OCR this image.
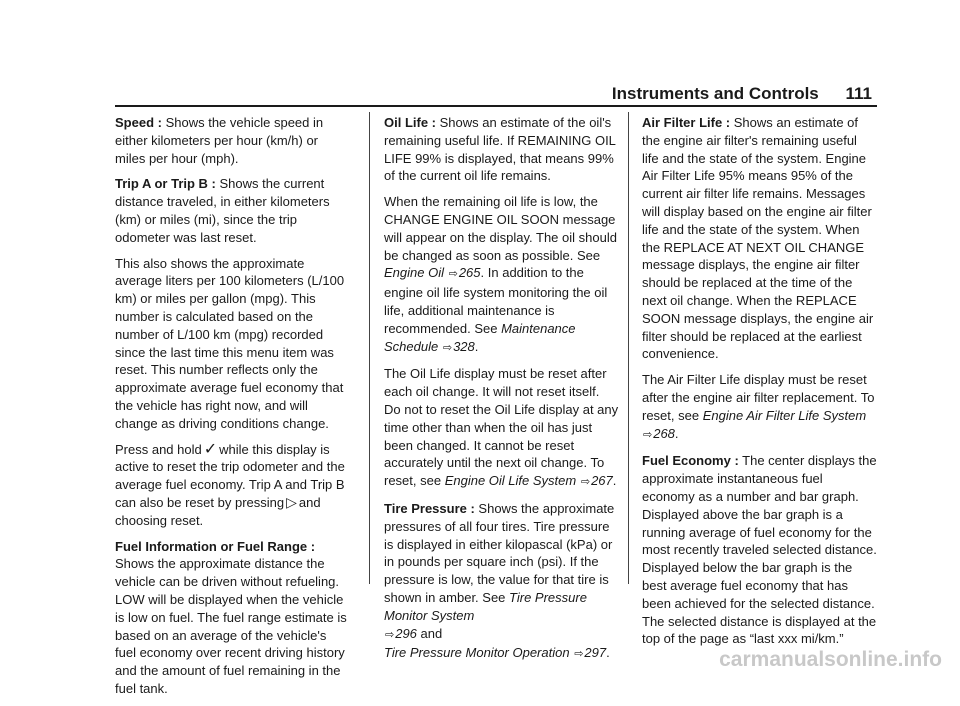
Instruments and Controls 111

Speed : Shows the vehicle speed in either kilometers per hour (km/h) or miles per hour (mph).

Trip A or Trip B : Shows the current distance traveled, in either kilometers (km) or miles (mi), since the trip odometer was last reset.

This also shows the approximate average liters per 100 kilometers (L/100 km) or miles per gallon (mpg). This number is calculated based on the number of L/100 km (mpg) recorded since the last time this menu item was reset. This number reflects only the approximate average fuel economy that the vehicle has right now, and will change as driving conditions change.

Press and hold ✓ while this display is active to reset the trip odometer and the average fuel economy. Trip A and Trip B can also be reset by pressing ▷ and choosing reset.

Fuel Information or Fuel Range : Shows the approximate distance the vehicle can be driven without refueling. LOW will be displayed when the vehicle is low on fuel. The fuel range estimate is based on an average of the vehicle's fuel economy over recent driving history and the amount of fuel remaining in the fuel tank.

Oil Life : Shows an estimate of the oil's remaining useful life. If REMAINING OIL LIFE 99% is displayed, that means 99% of the current oil life remains.

When the remaining oil life is low, the CHANGE ENGINE OIL SOON message will appear on the display. The oil should be changed as soon as possible. See Engine Oil ⇨265. In addition to the engine oil life system monitoring the oil life, additional maintenance is recommended. See Maintenance Schedule ⇨328.

The Oil Life display must be reset after each oil change. It will not reset itself. Do not to reset the Oil Life display at any time other than when the oil has just been changed. It cannot be reset accurately until the next oil change. To reset, see Engine Oil Life System ⇨267.

Tire Pressure : Shows the approximate pressures of all four tires. Tire pressure is displayed in either kilopascal (kPa) or in pounds per square inch (psi). If the pressure is low, the value for that tire is shown in amber. See Tire Pressure Monitor System
⇨296 and
Tire Pressure Monitor Operation ⇨297.

Air Filter Life : Shows an estimate of the engine air filter's remaining useful life and the state of the system. Engine Air Filter Life 95% means 95% of the current air filter life remains. Messages will display based on the engine air filter life and the state of the system. When the REPLACE AT NEXT OIL CHANGE message displays, the engine air filter should be replaced at the time of the next oil change. When the REPLACE SOON message displays, the engine air filter should be replaced at the earliest convenience.

The Air Filter Life display must be reset after the engine air filter replacement. To reset, see Engine Air Filter Life System ⇨268.

Fuel Economy : The center displays the approximate instantaneous fuel economy as a number and bar graph. Displayed above the bar graph is a running average of fuel economy for the most recently traveled selected distance. Displayed below the bar graph is the best average fuel economy that has been achieved for the selected distance. The selected distance is displayed at the top of the page as “last xxx mi/km.”

carmanualsonline.info
